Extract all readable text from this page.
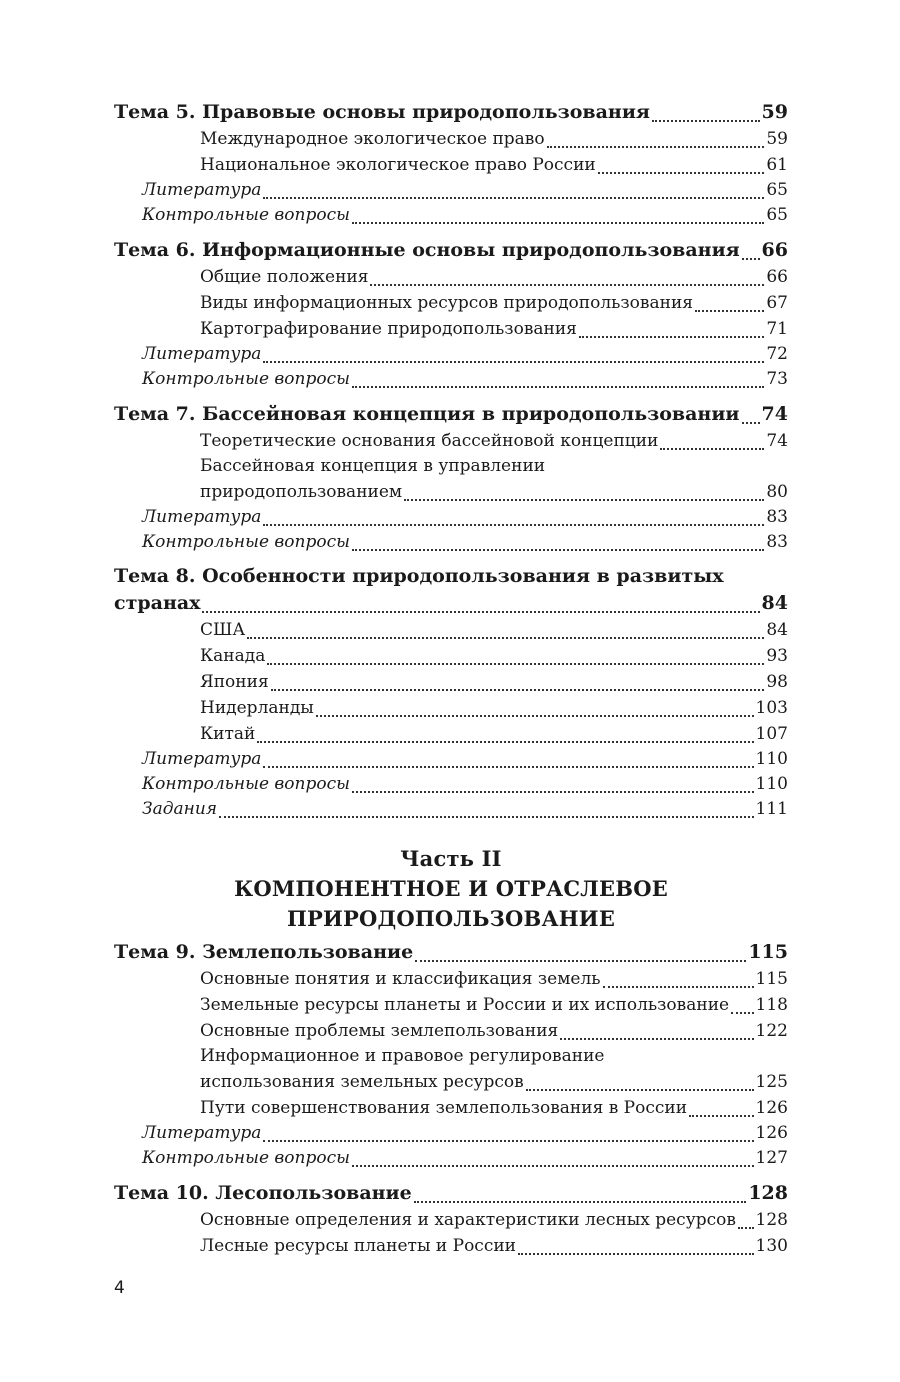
Тема 5. Правовые основы природопользования	59
Международное экологическое право	59
Национальное экологическое право России	61
Литература	65
Контрольные вопросы	65
Тема 6. Информационные основы природопользования 66
Общие положения	66
Виды информационных ресурсов природопользования	67
Картографирование природопользования	71
Литература	72
Контрольные вопросы	73
Тема 7. Бассейновая концепция в природопользовании 74
Теоретические основания бассейновой концепции	74
Бассейновая концепция в управлении
природопользованием	80
Литература	83
Контрольные вопросы	83
Тема 8. Особенности природопользования в развитых
странах	84
США	84
Канада	93
Япония	98
Нидерланды	103
Китай	107
Литература	110
Контрольные вопросы	110
Задания	111
Часть II
КОМПОНЕНТНОЕ И ОТРАСЛЕВОЕ
ПРИРОДОПОЛЬЗОВАНИЕ
Тема 9. Землепользование	115
Основные понятия и классификация земель	115
Земельные ресурсы планеты и России и их использование 118
Основные проблемы землепользования	122
Информационное и правовое регулирование
использования земельных ресурсов	125
Пути совершенствования землепользования в России	126
Литература	126
Контрольные вопросы	127
Тема 10. Лесопользование	128
Основные определения и характеристики лесных ресурсов 128
Лесные ресурсы планеты и России	130
4
